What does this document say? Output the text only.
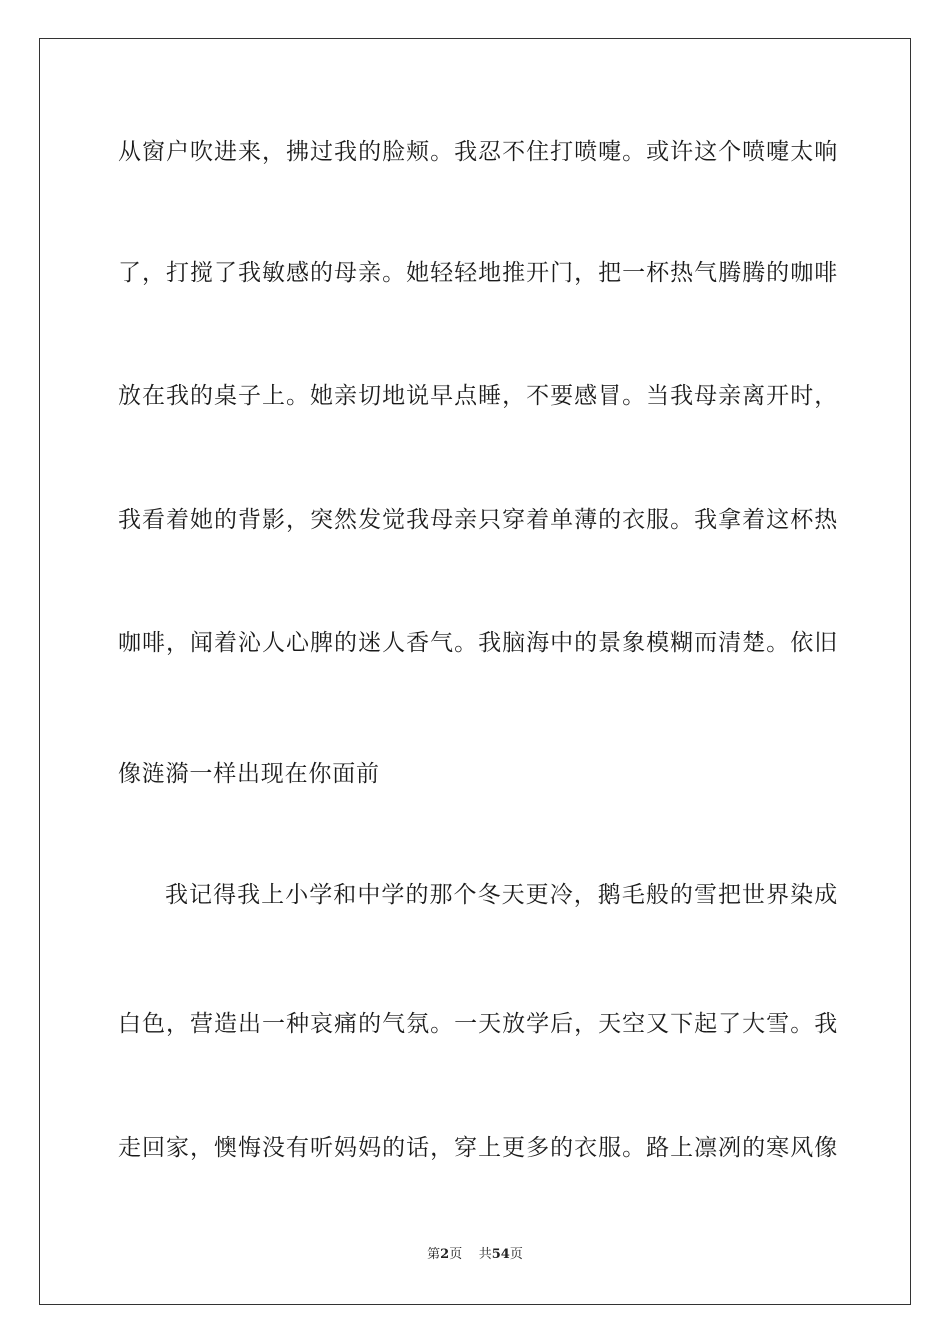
从窗户吹进来，拂过我的脸颊。我忍不住打喷嚏。或许这个喷嚏太响
了，打搅了我敏感的母亲。她轻轻地推开门，把一杯热气腾腾的咖啡
放在我的桌子上。她亲切地说早点睡，不要感冒。当我母亲离开时，
我看着她的背影，突然发觉我母亲只穿着单薄的衣服。我拿着这杯热
咖啡，闻着沁人心脾的迷人香气。我脑海中的景象模糊而清楚。依旧
像涟漪一样出现在你面前
我记得我上小学和中学的那个冬天更冷，鹅毛般的雪把世界染成
白色，营造出一种哀痛的气氛。一天放学后，天空又下起了大雪。我
走回家，懊悔没有听妈妈的话，穿上更多的衣服。路上凛冽的寒风像
第2页 共54页
